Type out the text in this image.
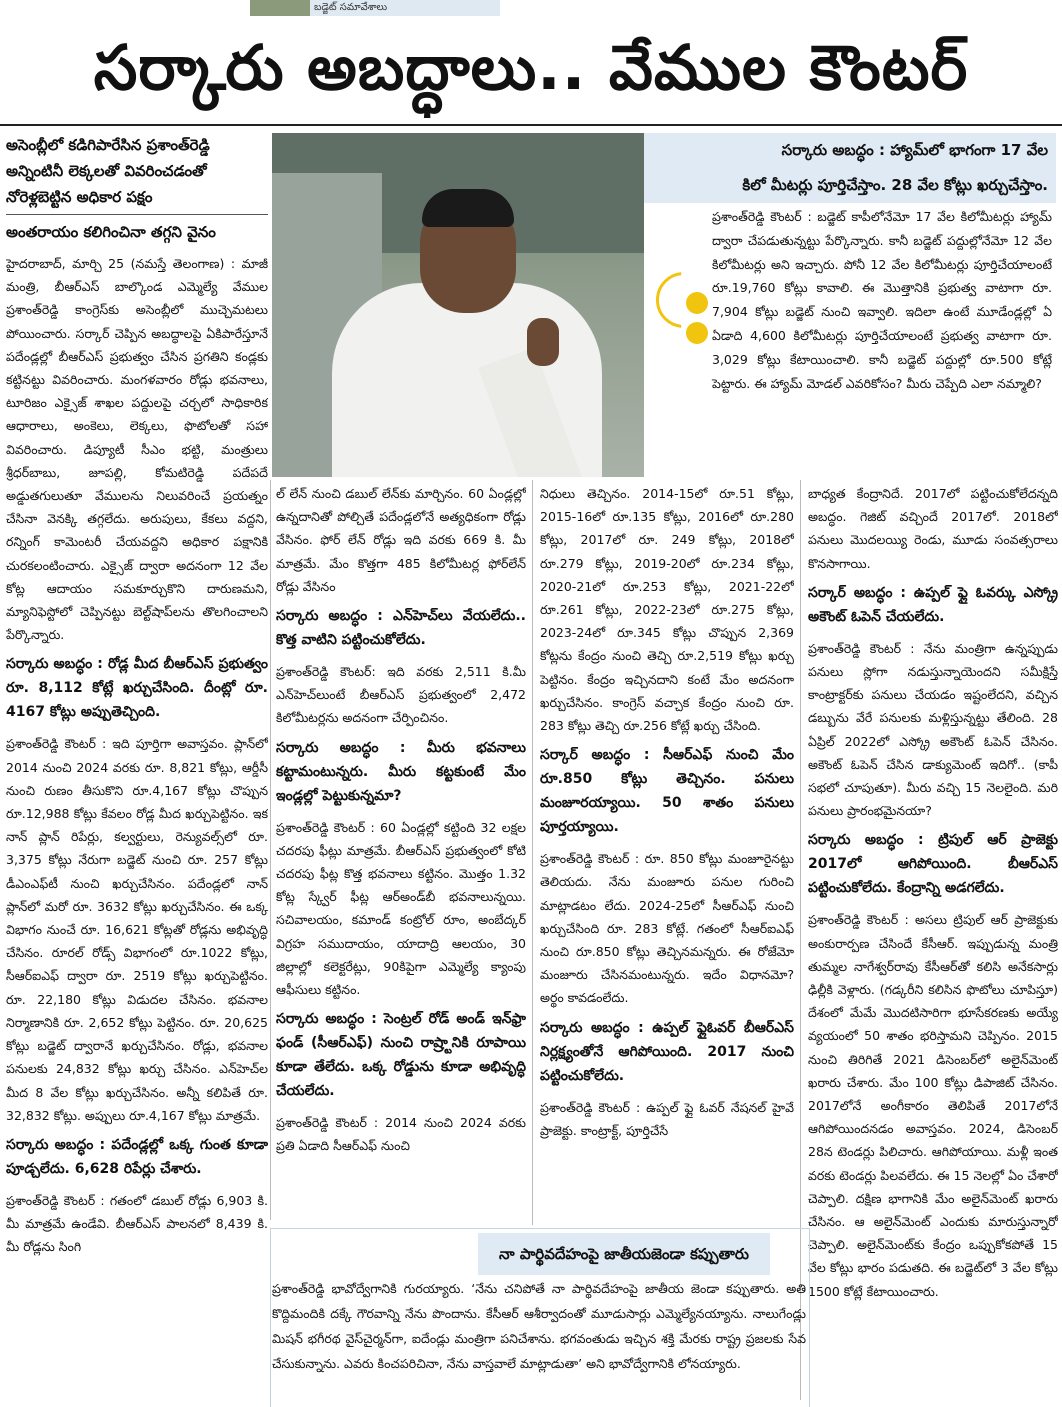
బడ్జెట్ సమావేశాలు
సర్కారు అబద్ధాలు.. వేముల కౌంటర్

అసెంబ్లీలో కడిగిపారేసిన ప్రశాంత్‌రెడ్డి

అన్నింటినీ లెక్కలతో వివరించడంతో

నోరెళ్లబెట్టిన అధికార పక్షం

అంతరాయం కలిగించినా తగ్గని వైనం

సర్కారు అబద్ధం : హ్యామ్‌లో భాగంగా 17 వేల
కిలో మీటర్లు పూర్తిచేస్తాం. 28 వేల కోట్లు ఖర్చుచేస్తాం.
ప్రశాంత్‌రెడ్డి కౌంటర్ : బడ్జెట్ కాపీలోనేమో 17 వేల కిలోమీటర్లు హ్యామ్ ద్వారా చేపడుతున్నట్టు పేర్కొన్నారు. కానీ బడ్జెట్ పద్దుల్లోనేమో 12 వేల కిలోమీటర్లు అని ఇచ్చారు. పోనీ 12 వేల కిలోమీటర్లు పూర్తిచేయాలంటే రూ.19,760 కోట్లు కావాలి. ఈ మొత్తానికి ప్రభుత్వ వాటాగా రూ. 7,904 కోట్లు బడ్జెట్ నుంచి ఇవ్వాలి. ఇదిలా ఉంటే మూడేండ్లల్లో ఏ ఏడాది 4,600 కిలోమీటర్లు పూర్తిచేయాలంటే ప్రభుత్వ వాటాగా రూ. 3,029 కోట్లు కేటాయించాలి. కానీ బడ్జెట్ పద్దుల్లో రూ.500 కోట్లే పెట్టారు. ఈ హ్యామ్ మోడల్ ఎవరికోసం? మీరు చెప్పేది ఎలా నమ్మాలి?

హైదరాబాద్, మార్చి 25 (నమస్తే తెలంగాణ) : మాజీ మంత్రి, బీఆర్‌ఎస్ బాల్కొండ ఎమ్మెల్యే వేముల ప్రశాంత్‌రెడ్డి కాంగ్రెస్‌కు అసెంబ్లీలో ముచ్చెమటలు పోయించారు. సర్కార్ చెప్పిన అబద్ధాలపై ఏకిపారేస్తూనే పదేండ్లల్లో బీఆర్‌ఎస్ ప్రభుత్వం చేసిన ప్రగతిని కండ్లకు కట్టినట్టు వివరించారు. మంగళవారం రోడ్లు భవనాలు, టూరిజం ఎక్సైజ్ శాఖల పద్దులపై చర్చలో సాధికారిక ఆధారాలు, అంకెలు, లెక్కలు, ఫొటోలతో సహా వివరించారు. డిప్యూటీ సీఎం భట్టి, మంత్రులు శ్రీధర్‌బాబు, జూపల్లి, కోమటిరెడ్డి పదేపదే అడ్డుతగులుతూ వేములను నిలువరించే ప్రయత్నం చేసినా వెనక్కి తగ్గలేదు. అరుపులు, కేకలు వద్దని, రన్నింగ్ కామెంటరీ చేయవద్దని అధికార పక్షానికి చురకలంటించారు. ఎక్సైజ్ ద్వారా అదనంగా 12 వేల కోట్ల ఆదాయం సమకూర్చుకొని దారుణమని, మ్యానిఫెస్టోలో చెప్పినట్టు బెల్ట్‌షాప్‌లను తొలగించాలని పేర్కొన్నారు.

సర్కారు అబద్ధం : రోడ్ల మీద బీఆర్‌ఎస్ ప్రభుత్వం రూ. 8,112 కోట్లే ఖర్చుచేసింది. దీంట్లో రూ. 4167 కోట్లు అప్పుతెచ్చింది.

ప్రశాంత్‌రెడ్డి కౌంటర్ : ఇది పూర్తిగా అవాస్తవం. ప్లాన్‌లో 2014 నుంచి 2024 వరకు రూ. 8,821 కోట్లు, ఆర్డీసీ నుంచి రుణం తీసుకొని రూ.4,167 కోట్లు చొప్పున రూ.12,988 కోట్లు కేవలం రోడ్ల మీద ఖర్చుపెట్టినం. ఇక నాన్ ప్లాన్ రిపేర్లు, కల్వర్టులు, రెన్యువల్స్‌లో రూ. 3,375 కోట్లు నేరుగా బడ్జెట్ నుంచి రూ. 257 కోట్లు డీఎంఎఫ్‌టీ నుంచి ఖర్చుచేసినం. పదేండ్లలో నాన్ ప్లాన్‌లో మరో రూ. 3632 కోట్లు ఖర్చుచేసినం. ఈ ఒక్క విభాగం నుంచే రూ. 16,621 కోట్లతో రోడ్లను అభివృద్ధి చేసినం. రూరల్ రోడ్స్ విభాగంలో రూ.1022 కోట్లు, సీఆర్‌ఐఎఫ్ ద్వారా రూ. 2519 కోట్లు ఖర్చుపెట్టినం. రూ. 22,180 కోట్లు విడుదల చేసినం. భవనాల నిర్మాణానికి రూ. 2,652 కోట్లు పెట్టినం. రూ. 20,625 కోట్లు బడ్జెట్ ద్వారానే ఖర్చుచేసినం. రోడ్లు, భవనాల పనులకు 24,832 కోట్లు ఖర్చు చేసినం. ఎన్‌హెచ్‌ల మీద 8 వేల కోట్లు ఖర్చుచేసినం. అన్నీ కలిపితే రూ. 32,832 కోట్లు. అప్పులు రూ.4,167 కోట్లు మాత్రమే.

సర్కారు అబద్ధం : పదేండ్లల్లో ఒక్క గుంత కూడా పూడ్చలేదు. 6,628 రిపేర్లు చేశారు.

ప్రశాంత్‌రెడ్డి కౌంటర్ : గతంలో డబుల్ రోడ్లు 6,903 కి. మీ మాత్రమే ఉండేవి. బీఆర్‌ఎస్ పాలనలో 8,439 కి. మీ రోడ్లను సింగి

ల్ లేన్ నుంచి డబుల్ లేన్‌కు మార్చినం. 60 ఏండ్లల్లో ఉన్నదానితో పోల్చితే పదేండ్లలోనే అత్యధికంగా రోడ్లు వేసినం. ఫోర్ లేన్ రోడ్లు ఇది వరకు 669 కి. మీ మాత్రమే. మేం కొత్తగా 485 కిలోమీటర్ల ఫోర్‌లేన్ రోడ్లు వేసినం

సర్కారు అబద్ధం : ఎన్‌హెచ్‌లు వేయలేదు.. కొత్త వాటిని పట్టించుకోలేదు.

ప్రశాంత్‌రెడ్డి కౌంటర్: ఇది వరకు 2,511 కి.మీ ఎన్‌హెచ్‌లుంటే బీఆర్‌ఎస్ ప్రభుత్వంలో 2,472 కిలోమీటర్లను అదనంగా చేర్పించినం.

సర్కారు అబద్ధం : మీరు భవనాలు కట్టామంటున్నరు. మీరు కట్టకుంటే మేం ఇండ్లల్లో పెట్టుకున్నమా?

ప్రశాంత్‌రెడ్డి కౌంటర్ : 60 ఏండ్లల్లో కట్టింది 32 లక్షల చదరపు ఫీట్లు మాత్రమే. బీఆర్‌ఎస్ ప్రభుత్వంలో కోటి చదరపు ఫీట్ల కొత్త భవనాలు కట్టినం. మొత్తం 1.32 కోట్ల స్క్వేర్ ఫీట్ల ఆర్‌అండ్‌బీ భవనాలున్నయి. సచివాలయం, కమాండ్ కంట్రోల్ రూం, అంబేద్కర్ విగ్రహ సముదాయం, యాదాద్రి ఆలయం, 30 జిల్లాల్లో కలెక్టరేట్లు, 90కిపైగా ఎమ్మెల్యే క్యాంపు ఆఫీసులు కట్టినం.

సర్కారు అబద్ధం : సెంట్రల్ రోడ్ అండ్ ఇన్‌ఫ్రా ఫండ్ (సీఆర్‌ఎఫ్) నుంచి రాష్ర్టానికి రూపాయి కూడా తేలేదు. ఒక్క రోడ్డును కూడా అభివృద్ధి చేయలేదు.

ప్రశాంత్‌రెడ్డి కౌంటర్ : 2014 నుంచి 2024 వరకు ప్రతి ఏడాది సీఆర్‌ఎఫ్ నుంచి

నిధులు తెచ్చినం. 2014-15లో రూ.51 కోట్లు, 2015-16లో రూ.135 కోట్లు, 2016లో రూ.280 కోట్లు, 2017లో రూ. 249 కోట్లు, 2018లో రూ.279 కోట్లు, 2019-20లో రూ.234 కోట్లు, 2020-21లో రూ.253 కోట్లు, 2021-22లో రూ.261 కోట్లు, 2022-23లో రూ.275 కోట్లు, 2023-24లో రూ.345 కోట్లు చొప్పున 2,369 కోట్లను కేంద్రం నుంచి తెచ్చి రూ.2,519 కోట్లు ఖర్చు పెట్టినం. కేంద్రం ఇచ్చినదాని కంటే మేం అదనంగా ఖర్చుచేసినం. కాంగ్రెస్ వచ్చాక కేంద్రం నుంచి రూ. 283 కోట్లు తెచ్చి రూ.256 కోట్లే ఖర్చు చేసింది.

సర్కార్ అబద్ధం : సీఆర్‌ఎఫ్ నుంచి మేం రూ.850 కోట్లు తెచ్చినం. పనులు మంజూరయ్యాయి. 50 శాతం పనులు పూర్తయ్యాయి.

ప్రశాంత్‌రెడ్డి కౌంటర్ : రూ. 850 కోట్లు మంజూరైనట్టు తెలియదు. నేను మంజూరు పనుల గురించి మాట్లాడటం లేదు. 2024-25లో సీఆర్‌ఎఫ్ నుంచి ఖర్చుచేసింది రూ. 283 కోట్లే. గతంలో సీఆర్‌ఐఎఫ్ నుంచి రూ.850 కోట్లు తెచ్చినమన్నరు. ఈ రోజేమో మంజూరు చేసినమంటున్నరు. ఇదేం విధానమో? అర్థం కావడంలేదు.

సర్కారు అబద్ధం : ఉప్పల్ ఫ్లైఓవర్ బీఆర్‌ఎస్ నిర్లక్ష్యంతోనే ఆగిపోయింది. 2017 నుంచి పట్టించుకోలేదు.

ప్రశాంత్‌రెడ్డి కౌంటర్ : ఉప్పల్ ఫ్లై ఓవర్ నేషనల్ హైవే ప్రాజెక్టు. కాంట్రాక్ట్, పూర్తిచేసే

బాధ్యత కేంద్రానిదే. 2017లో పట్టించుకోలేదన్నది అబద్ధం. గెజిట్ వచ్చిందే 2017లో. 2018లో పనులు మొదలయ్యి రెండు, మూడు సంవత్సరాలు కొనసాగాయి.

సర్కార్ అబద్ధం : ఉప్పల్ ఫ్లై ఓవర్కు ఎస్క్రో అకౌంట్ ఓపెన్ చేయలేదు.

ప్రశాంత్‌రెడ్డి కౌంటర్ : నేను మంత్రిగా ఉన్నప్పుడు పనులు స్లోగా నడుస్తున్నాయెందని సమీక్షిస్తే కాంట్రాక్టర్‌కు పనులు చేయడం ఇష్టంలేదని, వచ్చిన డబ్బును వేరే పనులకు మళ్లిస్తున్నట్టు తేలింది. 28 ఏప్రిల్ 2022లో ఎస్క్రో అకౌంట్ ఓపెన్ చేసినం. అకౌంట్ ఓపెన్ చేసిన డాక్యుమెంట్ ఇదిగో.. (కాపీ సభలో చూపుతూ). మీరు వచ్చి 15 నెలలైంది. మరి పనులు ప్రారంభమైనయా?

సర్కారు అబద్ధం : ట్రిపుల్ ఆర్ ప్రాజెక్టు 2017లో ఆగిపోయింది. బీఆర్‌ఎస్ పట్టించుకోలేదు. కేంద్రాన్ని అడగలేదు.

ప్రశాంత్‌రెడ్డి కౌంటర్ : అసలు ట్రిపుల్ ఆర్ ప్రాజెక్టుకు అంకురార్పణ చేసిందే కేసీఆర్. ఇప్పుడున్న మంత్రి తుమ్మల నాగేశ్వర్‌రావు కేసీఆర్‌తో కలిసి అనేకసార్లు ఢిల్లీకి వెళ్లారు. (గడ్కరీని కలిసిన ఫొటోలు చూపిస్తూ) దేశంలో మేమే మొదటిసారిగా భూసేకరణకు అయ్యే వ్యయంలో 50 శాతం భరిస్తామని చెప్పినం. 2015 నుంచి తిరిగితే 2021 డిసెంబర్‌లో అలైన్‌మెంట్ ఖరారు చేశారు. మేం 100 కోట్లు డిపాజిట్ చేసినం. 2017లోనే అంగీకారం తెలిపితే 2017లోనే ఆగిపోయిందనడం అవాస్తవం. 2024, డిసెంబర్ 28న టెండర్లు పిలిచారు. ఆగిపోయాయి. మళ్లీ ఇంత వరకు టెండర్లు పిలవలేదు. ఈ 15 నెలల్లో ఏం చేశారో చెప్పాలి. దక్షిణ భాగానికి మేం అలైన్‌మెంట్ ఖరారు చేసినం. ఆ అలైన్‌మెంట్ ఎందుకు మారుస్తున్నారో చెప్పాలి. అలైన్‌మెంట్‌కు కేంద్రం ఒప్పుకోకపోతే 15 వేల కోట్లు భారం పడుతది. ఈ బడ్జెట్‌లో 3 వేల కోట్లు 1500 కోట్లే కేటాయించారు.

నా పార్థివదేహంపై జాతీయజెండా కప్పుతారు
ప్రశాంత్‌రెడ్డి భావోద్వేగానికి గురయ్యారు. ‘నేను చనిపోతే నా పార్థివదేహంపై జాతీయ జెండా కప్పుతారు. అతి కొద్దిమందికి దక్కే గౌరవాన్ని నేను పొందాను. కేసీఆర్ ఆశీర్వాదంతో మూడుసార్లు ఎమ్మెల్యేనయ్యాను. నాలుగేండ్లు మిషన్ భగీరథ వైస్‌చైర్మన్‌గా, ఐదేండ్లు మంత్రిగా పనిచేశాను. భగవంతుడు ఇచ్చిన శక్తి మేరకు రాష్ట్ర ప్రజలకు సేవ చేసుకున్నాను. ఎవరు కించపరిచినా, నేను వాస్తవాలే మాట్లాడుతా’ అని భావోద్వేగానికి లోనయ్యారు.
